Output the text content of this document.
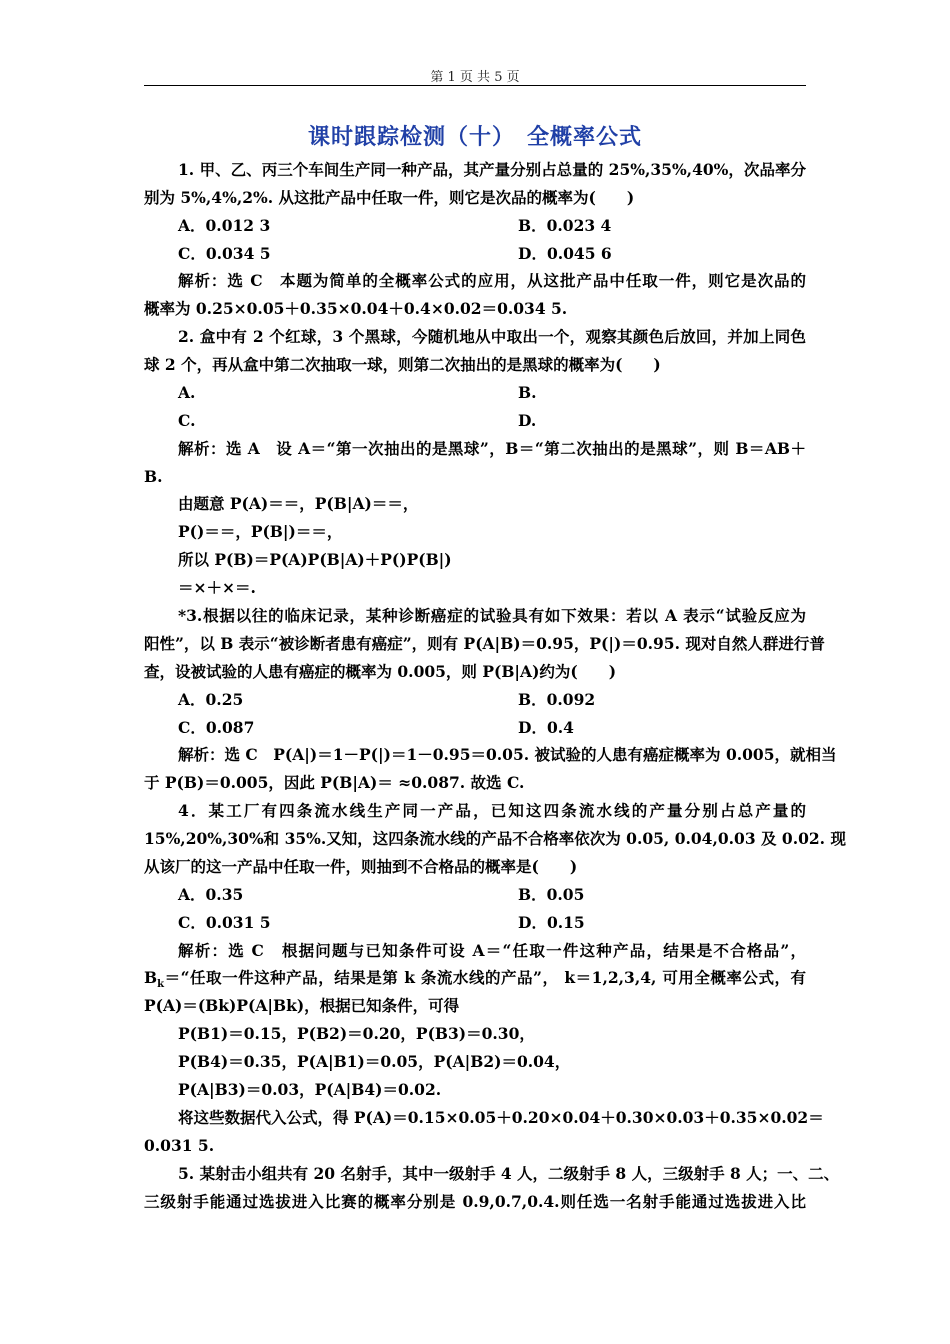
第 1 页 共 5 页
课时跟踪检测（十）　全概率公式
1. 甲、乙、丙三个车间生产同一种产品，其产量分别占总量的 25%,35%,40%，次品率分
别为 5%,4%,2%. 从这批产品中任取一件，则它是次品的概率为(　　)
A．0.012 3	B．0.023 4
C．0.034 5	D．0.045 6
解析：选 C　本题为简单的全概率公式的应用，从这批产品中任取一件，则它是次品的
概率为 0.25×0.05＋0.35×0.04＋0.4×0.02＝0.034 5.
2. 盒中有 2 个红球，3 个黑球，今随机地从中取出一个，观察其颜色后放回，并加上同色
球 2 个，再从盒中第二次抽取一球，则第二次抽出的是黑球的概率为(　　)
A.	B.
C.	D.
解析：选 A　设 A＝“第一次抽出的是黑球”，B＝“第二次抽出的是黑球”，则 B＝AB＋
B.
由题意 P(A)＝＝，P(B|A)＝＝，
P()＝＝，P(B|)＝＝，
所以 P(B)＝P(A)P(B|A)＋P()P(B|)
＝×＋×＝.
*3.根据以往的临床记录，某种诊断癌症的试验具有如下效果：若以 A 表示“试验反应为
阳性”，以 B 表示“被诊断者患有癌症”，则有 P(A|B)＝0.95，P(|)＝0.95. 现对自然人群进行普
查，设被试验的人患有癌症的概率为 0.005，则 P(B|A)约为(　　)
A．0.25	B．0.092
C．0.087	D．0.4
解析：选 C　P(A|)＝1－P(|)＝1－0.95＝0.05. 被试验的人患有癌症概率为 0.005，就相当
于 P(B)＝0.005，因此 P(B|A)＝ ≈0.087. 故选 C.
4．某工厂有四条流水线生产同一产品，已知这四条流水线的产量分别占总产量的
15%,20%,30%和 35%.又知，这四条流水线的产品不合格率依次为 0.05, 0.04,0.03 及 0.02. 现
从该厂的这一产品中任取一件，则抽到不合格品的概率是(　　)
A．0.35	B．0.05
C．0.031 5	D．0.15
解析：选 C　根据问题与已知条件可设 A＝“任取一件这种产品，结果是不合格品”，
$B_k=“$任取一件这种产品，结果是第 k 条流水线的产品”， k＝1,2,3,4, 可用全概率公式，有
P(A)＝(Bk)P(A|Bk)，根据已知条件，可得
P(B1)＝0.15，P(B2)＝0.20，P(B3)＝0.30，
P(B4)＝0.35，P(A|B1)＝0.05，P(A|B2)＝0.04，
P(A|B3)＝0.03，P(A|B4)＝0.02.
将这些数据代入公式，得 P(A)＝0.15×0.05＋0.20×0.04＋0.30×0.03＋0.35×0.02＝
0.031 5.
5. 某射击小组共有 20 名射手，其中一级射手 4 人，二级射手 8 人，三级射手 8 人；一、二、
三级射手能通过选拔进入比赛的概率分别是 0.9,0.7,0.4.则任选一名射手能通过选拔进入比
